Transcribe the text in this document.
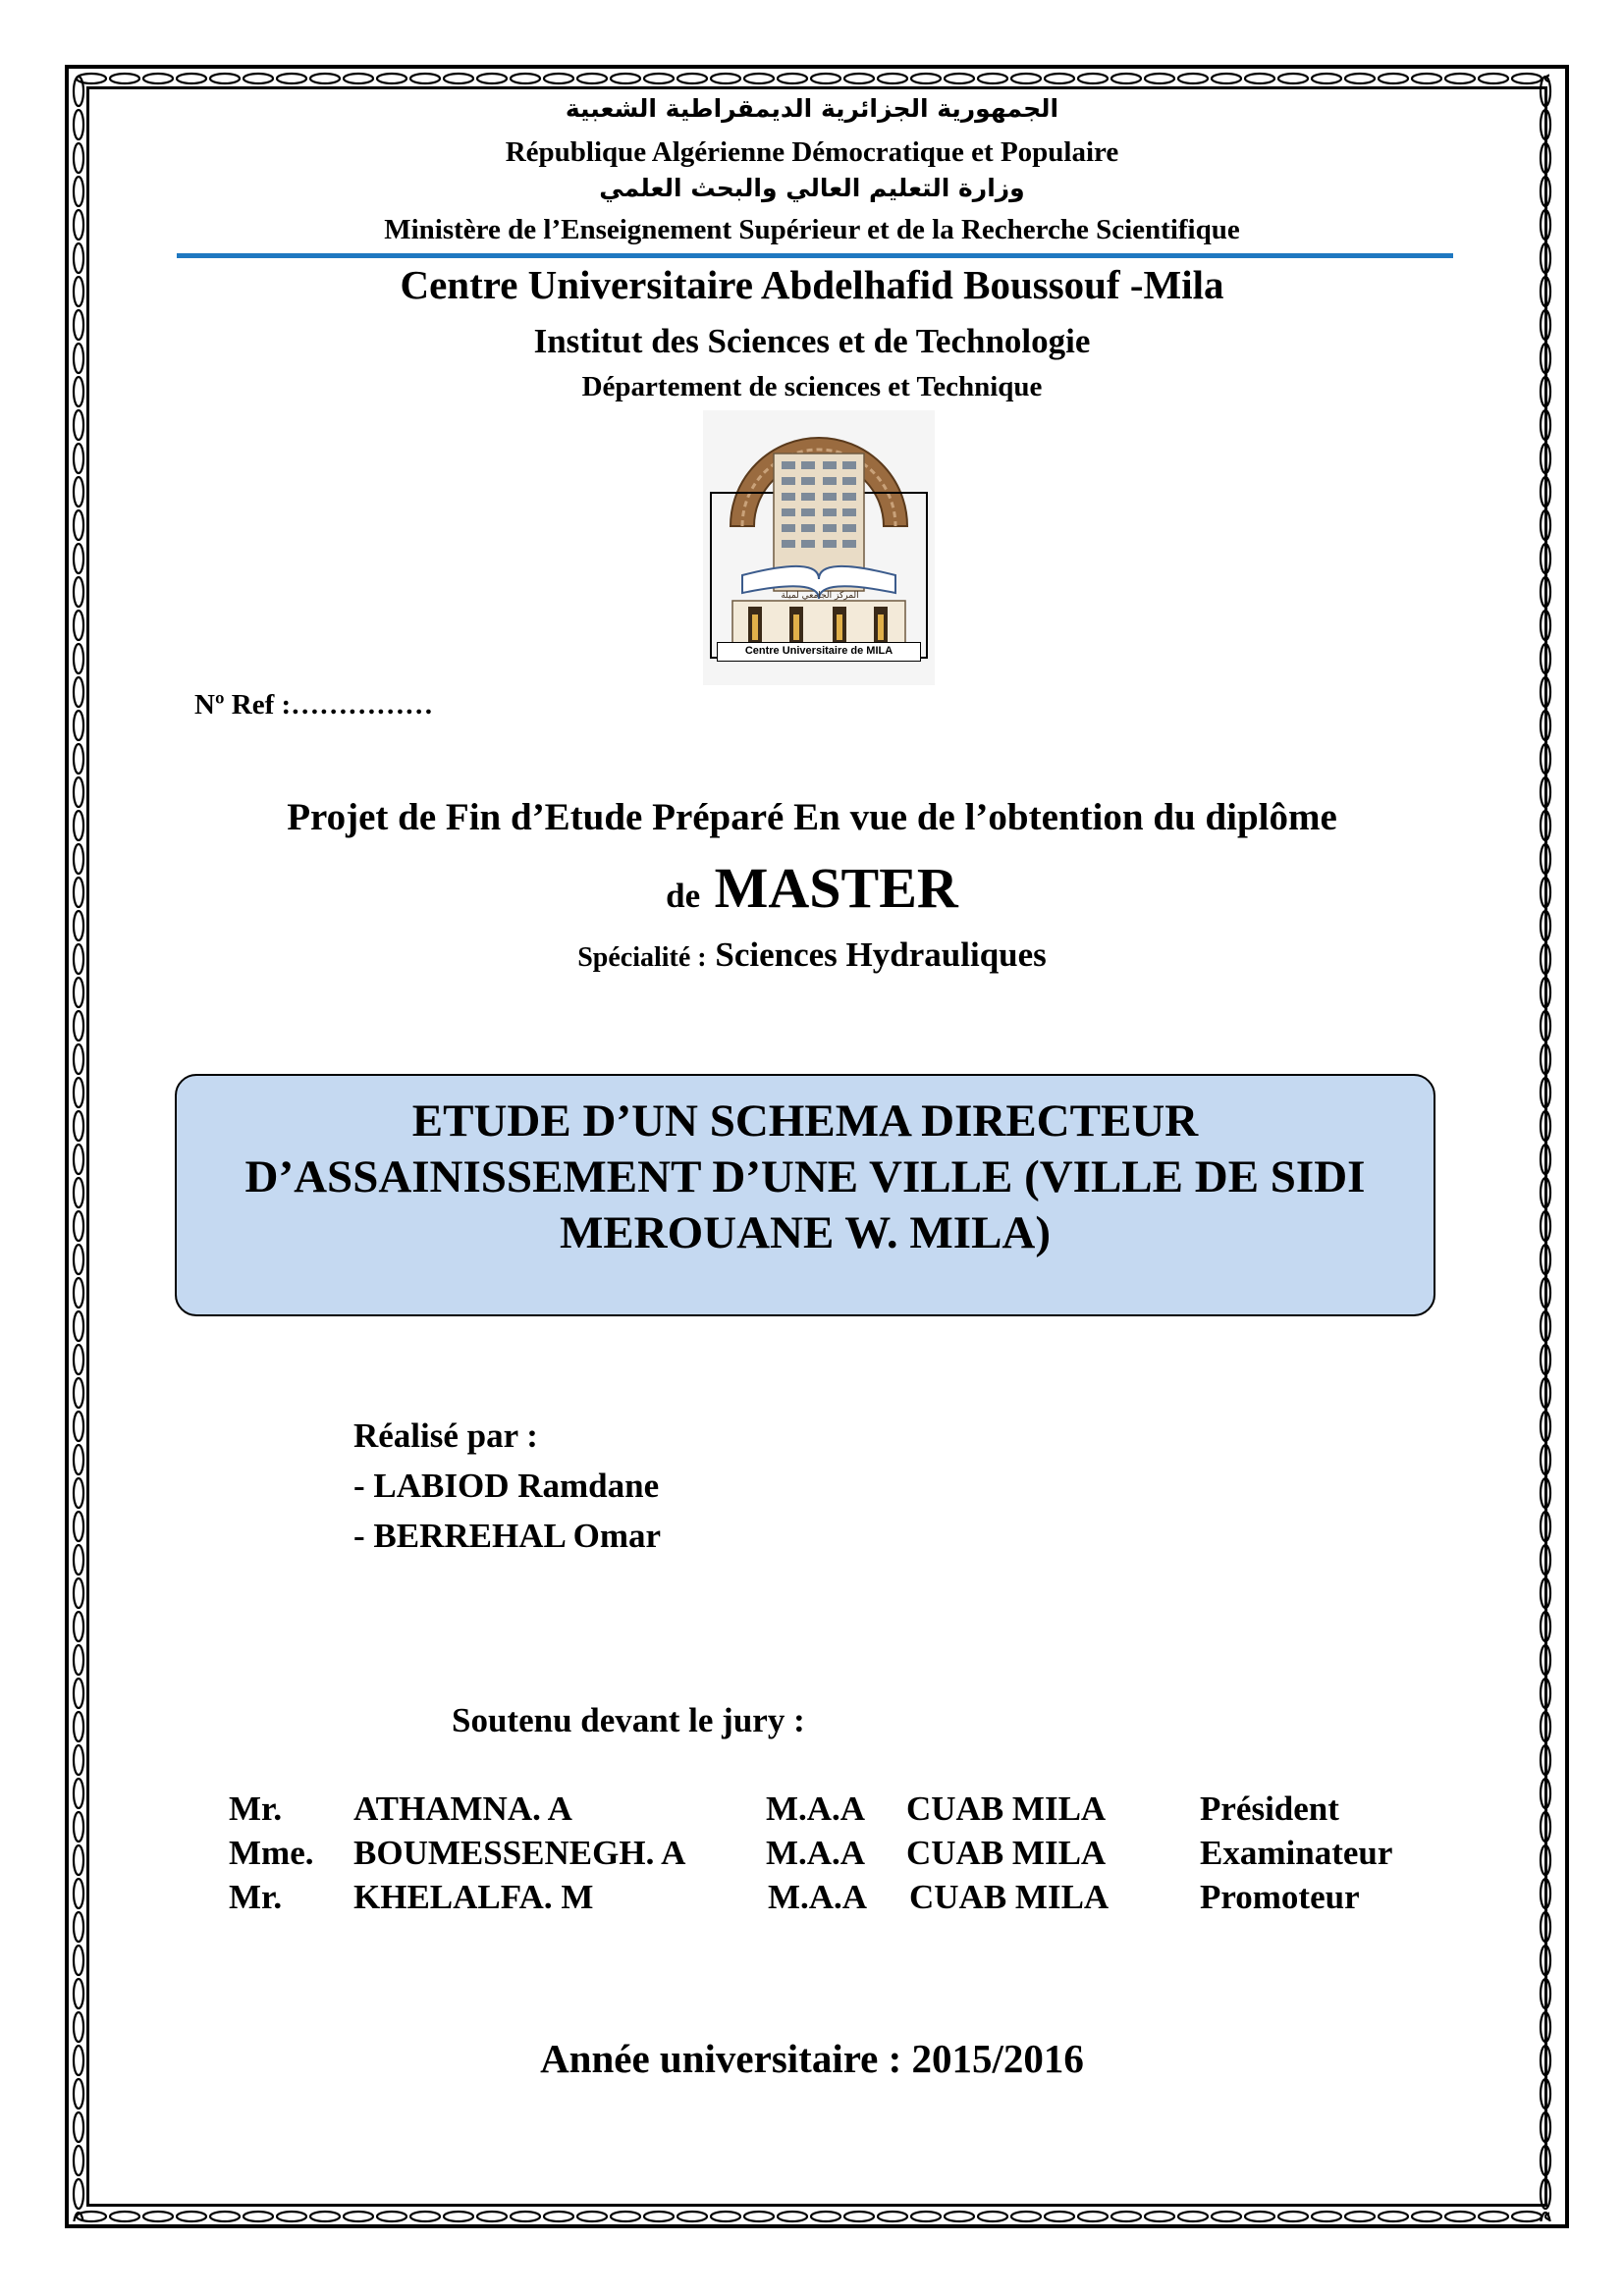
الجمهورية الجزائرية الديمقراطية الشعبية
République Algérienne Démocratique et Populaire
وزارة التعليم العالي والبحث العلمي
Ministère de l’Enseignement Supérieur et de la Recherche Scientifique
Centre Universitaire Abdelhafid Boussouf -Mila
Institut des Sciences et de Technologie
Département de sciences et Technique
المركز الجامعي لميلة
Centre Universitaire de MILA
Nº Ref :……………
Projet de Fin d’Etude Préparé En vue de l’obtention du diplôme
de MASTER
Spécialité : Sciences Hydrauliques
ETUDE D’UN SCHEMA DIRECTEUR
D’ASSAINISSEMENT D’UNE VILLE (VILLE DE SIDI
MEROUANE W. MILA)
Réalisé par :
- LABIOD Ramdane
- BERREHAL Omar
Soutenu devant le jury :
Mr. ATHAMNA. A	M.A.A CUAB MILA	Président
Mme. BOUMESSENEGH. A M.A.A CUAB MILA	Examinateur
Mr. KHELALFA. M	M.A.A CUAB MILA	Promoteur
Année universitaire : 2015/2016
